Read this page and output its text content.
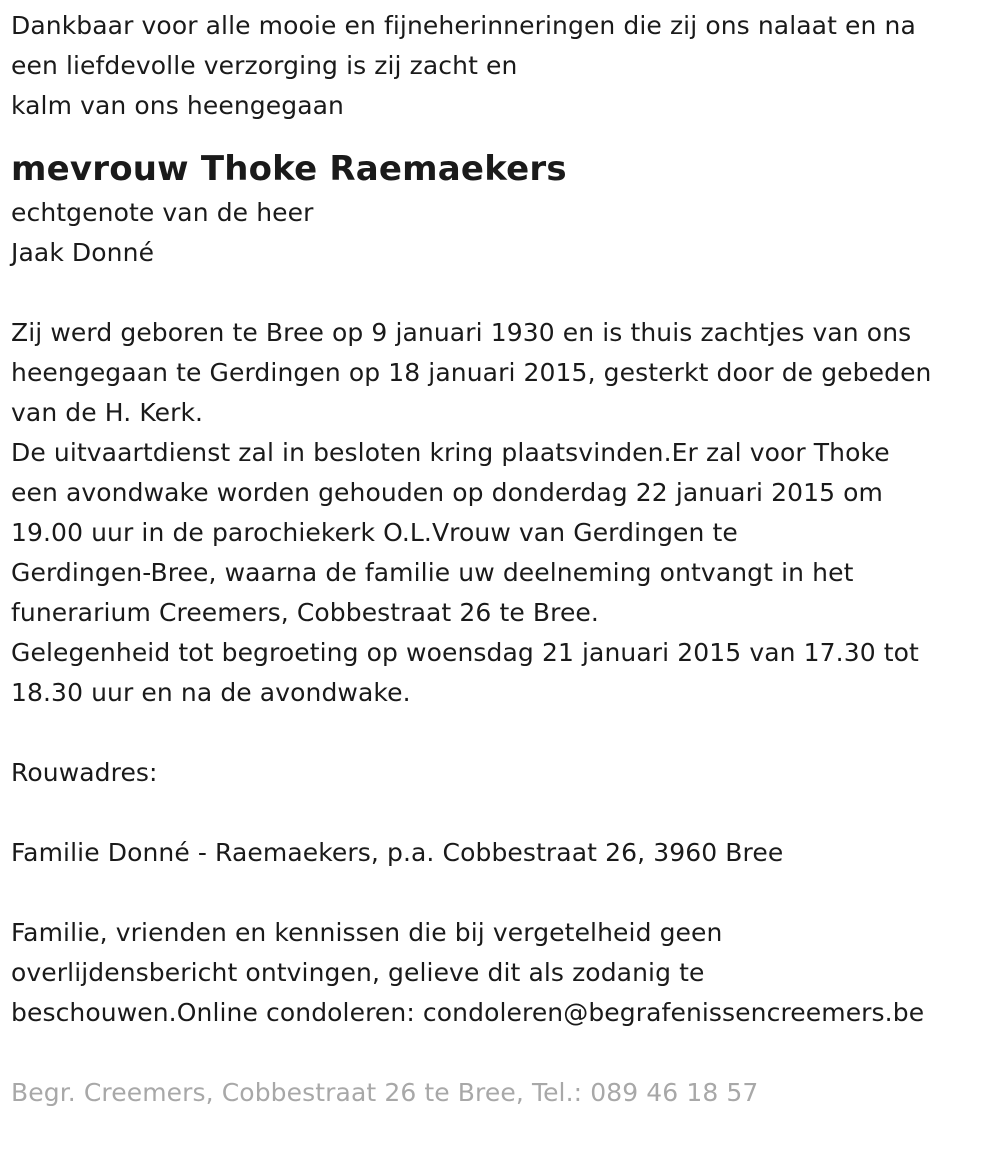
Dankbaar voor alle mooie en fijneherinneringen die zij ons nalaat en na

een liefdevolle verzorging is zij zacht en

kalm van ons heengegaan

mevrouw Thoke Raemaekers

echtgenote van de heer

Jaak Donné

Zij werd geboren te Bree op 9 januari 1930 en is thuis zachtjes van ons

heengegaan te Gerdingen op 18 januari 2015, gesterkt door de gebeden

van de H. Kerk.

De uitvaartdienst zal in besloten kring plaatsvinden.Er zal voor Thoke

een avondwake worden gehouden op donderdag 22 januari 2015 om

19.00 uur in de parochiekerk O.L.Vrouw van Gerdingen te

Gerdingen-Bree, waarna de familie uw deelneming ontvangt in het

funerarium Creemers, Cobbestraat 26 te Bree.

Gelegenheid tot begroeting op woensdag 21 januari 2015 van 17.30 tot

18.30 uur en na de avondwake.

Rouwadres:

Familie Donné - Raemaekers, p.a. Cobbestraat 26, 3960 Bree

Familie, vrienden en kennissen die bij vergetelheid geen

overlijdensbericht ontvingen, gelieve dit als zodanig te

beschouwen.Online condoleren: condoleren@begrafenissencreemers.be

Begr. Creemers, Cobbestraat 26 te Bree, Tel.: 089 46 18 57
